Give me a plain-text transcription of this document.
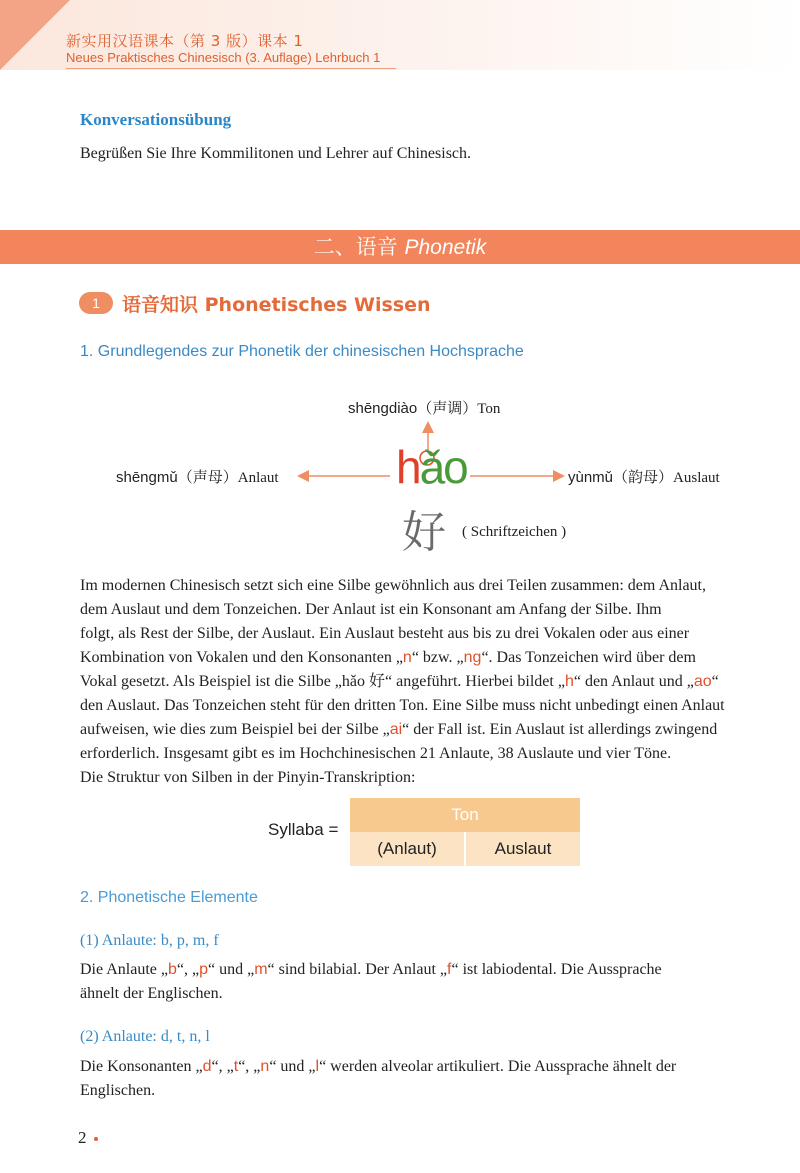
新实用汉语课本（第 3 版）课本 1
Neues Praktisches Chinesisch (3. Auflage) Lehrbuch 1
Konversationsübung
Begrüßen Sie Ihre Kommilitonen und Lehrer auf Chinesisch.
二、语音 Phonetik
1	语音知识 Phonetisches Wissen
1. Grundlegendes zur Phonetik der chinesischen Hochsprache
shēngdiào（声调）Ton
shēngmǔ（声母）Anlaut	yùnmǔ（韵母）Auslaut
hǎo
好 ( Schriftzeichen )
Im modernen Chinesisch setzt sich eine Silbe gewöhnlich aus drei Teilen zusammen: dem Anlaut,
dem Auslaut und dem Tonzeichen. Der Anlaut ist ein Konsonant am Anfang der Silbe. Ihm
folgt, als Rest der Silbe, der Auslaut. Ein Auslaut besteht aus bis zu drei Vokalen oder aus einer
Kombination von Vokalen und den Konsonanten „n“ bzw. „ng“. Das Tonzeichen wird über dem
Vokal gesetzt. Als Beispiel ist die Silbe „hǎo 好“ angeführt. Hierbei bildet „h“ den Anlaut und „ao“
den Auslaut. Das Tonzeichen steht für den dritten Ton. Eine Silbe muss nicht unbedingt einen Anlaut
aufweisen, wie dies zum Beispiel bei der Silbe „ai“ der Fall ist. Ein Auslaut ist allerdings zwingend
erforderlich. Insgesamt gibt es im Hochchinesischen 21 Anlaute, 38 Auslaute und vier Töne.
Die Struktur von Silben in der Pinyin-Transkription:
Syllaba =
Ton
(Anlaut)	Auslaut
2. Phonetische Elemente
(1) Anlaute: b, p, m, f
Die Anlaute „b“, „p“ und „m“ sind bilabial. Der Anlaut „f“ ist labiodental. Die Aussprache
ähnelt der Englischen.
(2) Anlaute: d, t, n, l
Die Konsonanten „d“, „t“, „n“ und „l“ werden alveolar artikuliert. Die Aussprache ähnelt der
Englischen.
2
